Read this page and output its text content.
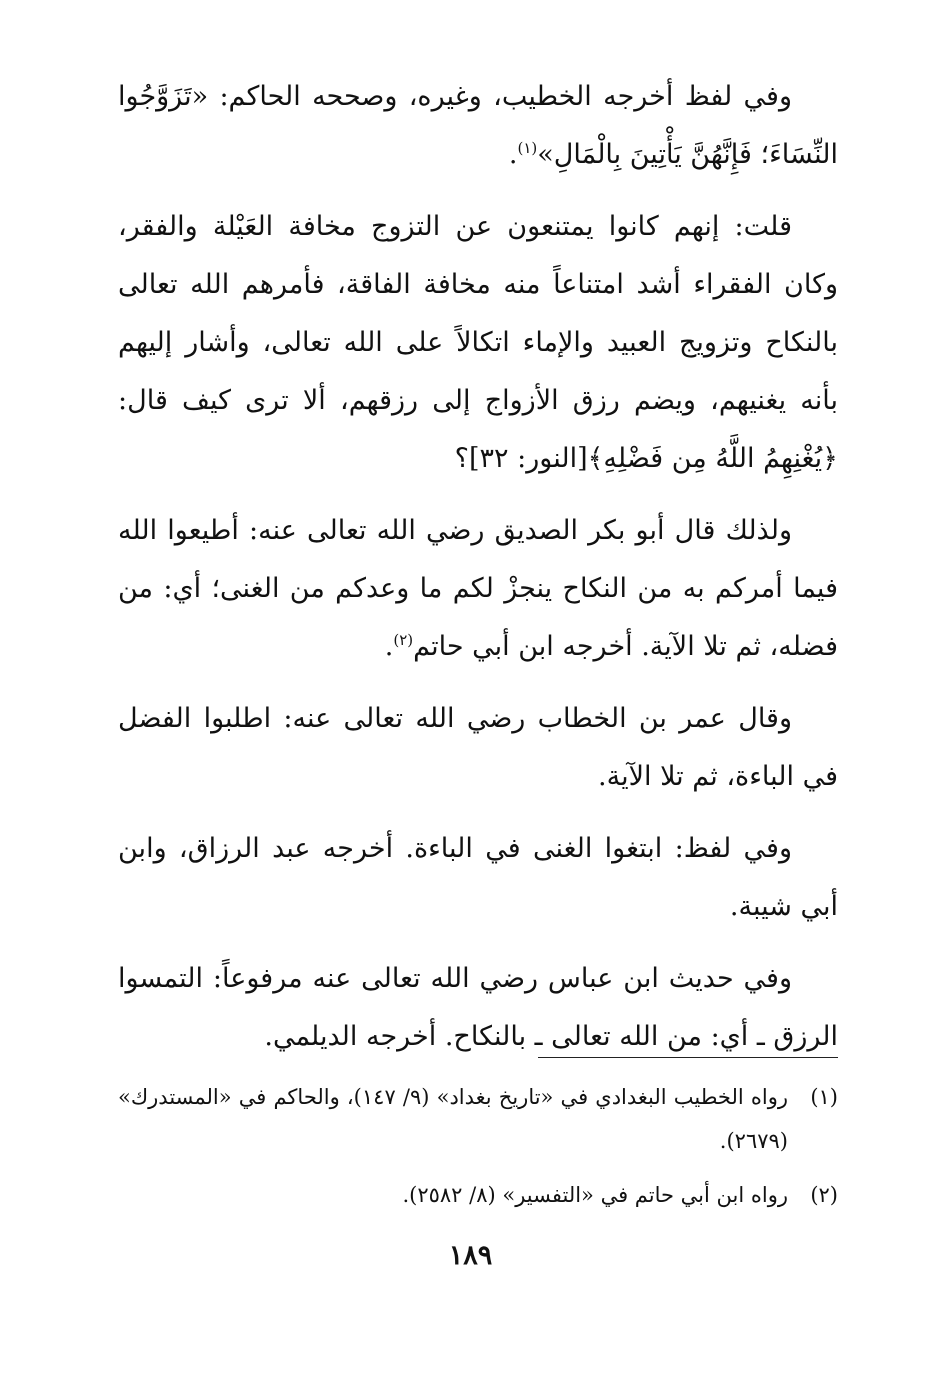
وفي لفظ أخرجه الخطيب، وغيره، وصححه الحاكم: «تَزَوَّجُوا النِّسَاءَ؛ فَإِنَّهُنَّ يَأْتِينَ بِالْمَالِ»$^{(١)}$.

قلت: إنهم كانوا يمتنعون عن التزوج مخافة العَيْلة والفقر، وكان الفقراء أشد امتناعاً منه مخافة الفاقة، فأمرهم الله تعالى بالنكاح وتزويج العبيد والإماء اتكالاً على الله تعالى، وأشار إليهم بأنه يغنيهم، ويضم رزق الأزواج إلى رزقهم، ألا ترى كيف قال: ﴿يُغْنِهِمُ اللَّهُ مِن فَضْلِهِ﴾[النور: ٣٢]؟

ولذلك قال أبو بكر الصديق رضي الله تعالى عنه: أطيعوا الله فيما أمركم به من النكاح ينجزْ لكم ما وعدكم من الغنى؛ أي: من فضله، ثم تلا الآية. أخرجه ابن أبي حاتم$^{(٢)}$.

وقال عمر بن الخطاب رضي الله تعالى عنه: اطلبوا الفضل في الباءة، ثم تلا الآية.

وفي لفظ: ابتغوا الغنى في الباءة. أخرجه عبد الرزاق، وابن أبي شيبة.

وفي حديث ابن عباس رضي الله تعالى عنه مرفوعاً: التمسوا الرزق ـ أي: من الله تعالى ـ بالنكاح. أخرجه الديلمي.

(١)
رواه الخطيب البغدادي في «تاريخ بغداد» (٩/ ١٤٧)، والحاكم في «المستدرك» (٢٦٧٩).

(٢)
رواه ابن أبي حاتم في «التفسير» (٨/ ٢٥٨٢).

١٨٩
